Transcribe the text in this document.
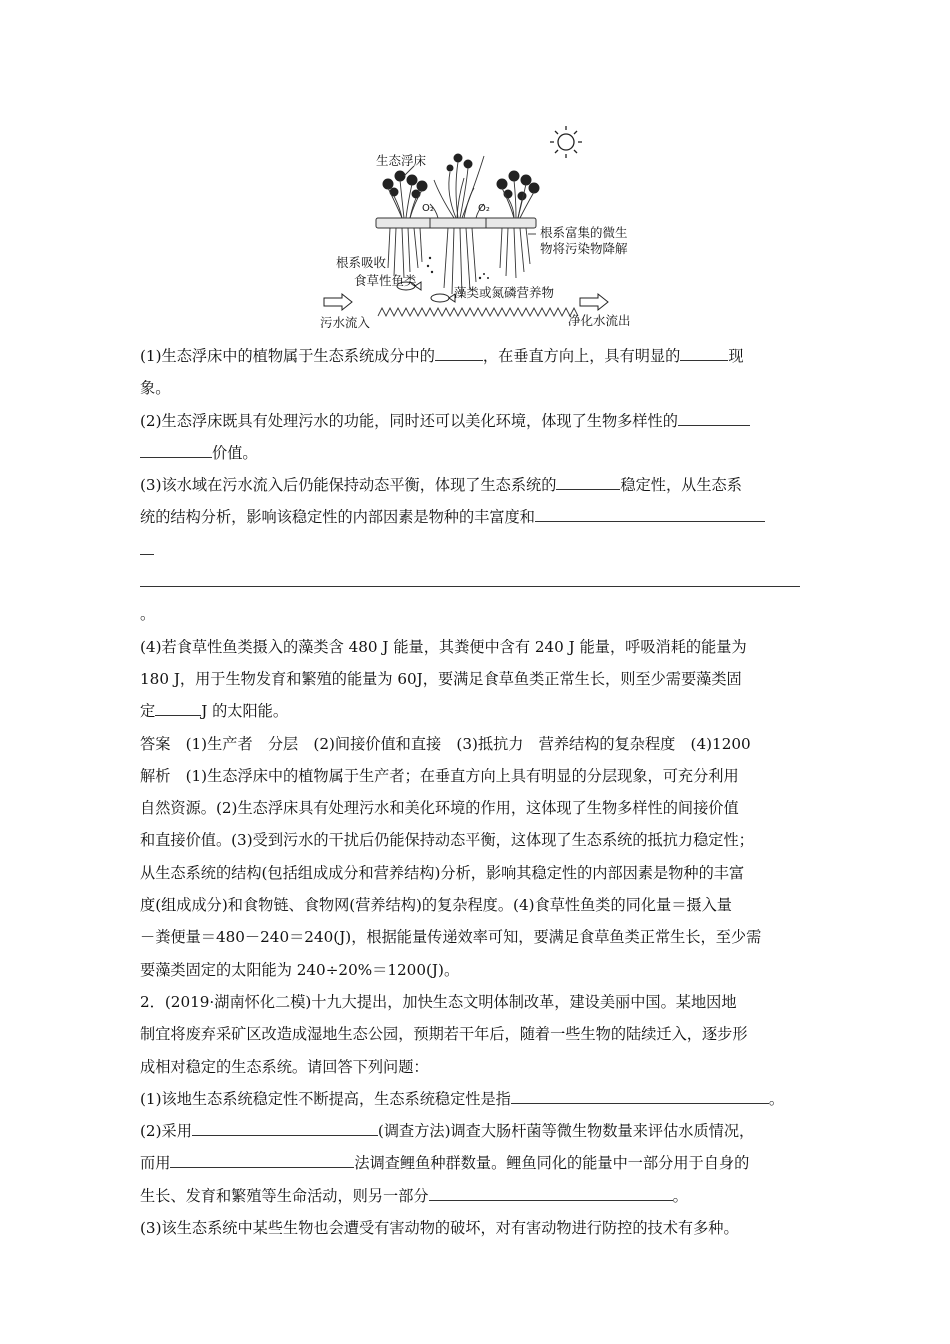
生态浮床
O₂	O₂
根系富集的微生
物将污染物降解
根系吸收
食草性鱼类
藻类或氮磷营养物
污水流入	净化水流出
(1)生态浮床中的植物属于生态系统成分中的	，在垂直方向上，具有明显的	现
象。
(2)生态浮床既具有处理污水的功能，同时还可以美化环境，体现了生物多样性的
价值。
(3)该水域在污水流入后仍能保持动态平衡，体现了生态系统的	稳定性，从生态系
统的结构分析，影响该稳定性的内部因素是物种的丰富度和
。
(4)若食草性鱼类摄入的藻类含 480 J 能量，其粪便中含有 240 J 能量，呼吸消耗的能量为
180 J，用于生物发育和繁殖的能量为 60J，要满足食草鱼类正常生长，则至少需要藻类固
定	J 的太阳能。
答案　(1)生产者　分层　(2)间接价值和直接　(3)抵抗力　营养结构的复杂程度　(4)1200
解析　(1)生态浮床中的植物属于生产者；在垂直方向上具有明显的分层现象，可充分利用
自然资源。(2)生态浮床具有处理污水和美化环境的作用，这体现了生物多样性的间接价值
和直接价值。(3)受到污水的干扰后仍能保持动态平衡，这体现了生态系统的抵抗力稳定性；
从生态系统的结构(包括组成成分和营养结构)分析，影响其稳定性的内部因素是物种的丰富
度(组成成分)和食物链、食物网(营养结构)的复杂程度。(4)食草性鱼类的同化量＝摄入量
－粪便量＝480－240＝240(J)，根据能量传递效率可知，要满足食草鱼类正常生长，至少需
要藻类固定的太阳能为 240÷20%＝1200(J)。
2．(2019·湖南怀化二模)十九大提出，加快生态文明体制改革，建设美丽中国。某地因地
制宜将废弃采矿区改造成湿地生态公园，预期若干年后，随着一些生物的陆续迁入，逐步形
成相对稳定的生态系统。请回答下列问题：
(1)该地生态系统稳定性不断提高，生态系统稳定性是指	。
(2)采用	(调查方法)调查大肠杆菌等微生物数量来评估水质情况，
而用	法调查鲤鱼种群数量。鲤鱼同化的能量中一部分用于自身的
生长、发育和繁殖等生命活动，则另一部分	。
(3)该生态系统中某些生物也会遭受有害动物的破坏，对有害动物进行防控的技术有多种。
